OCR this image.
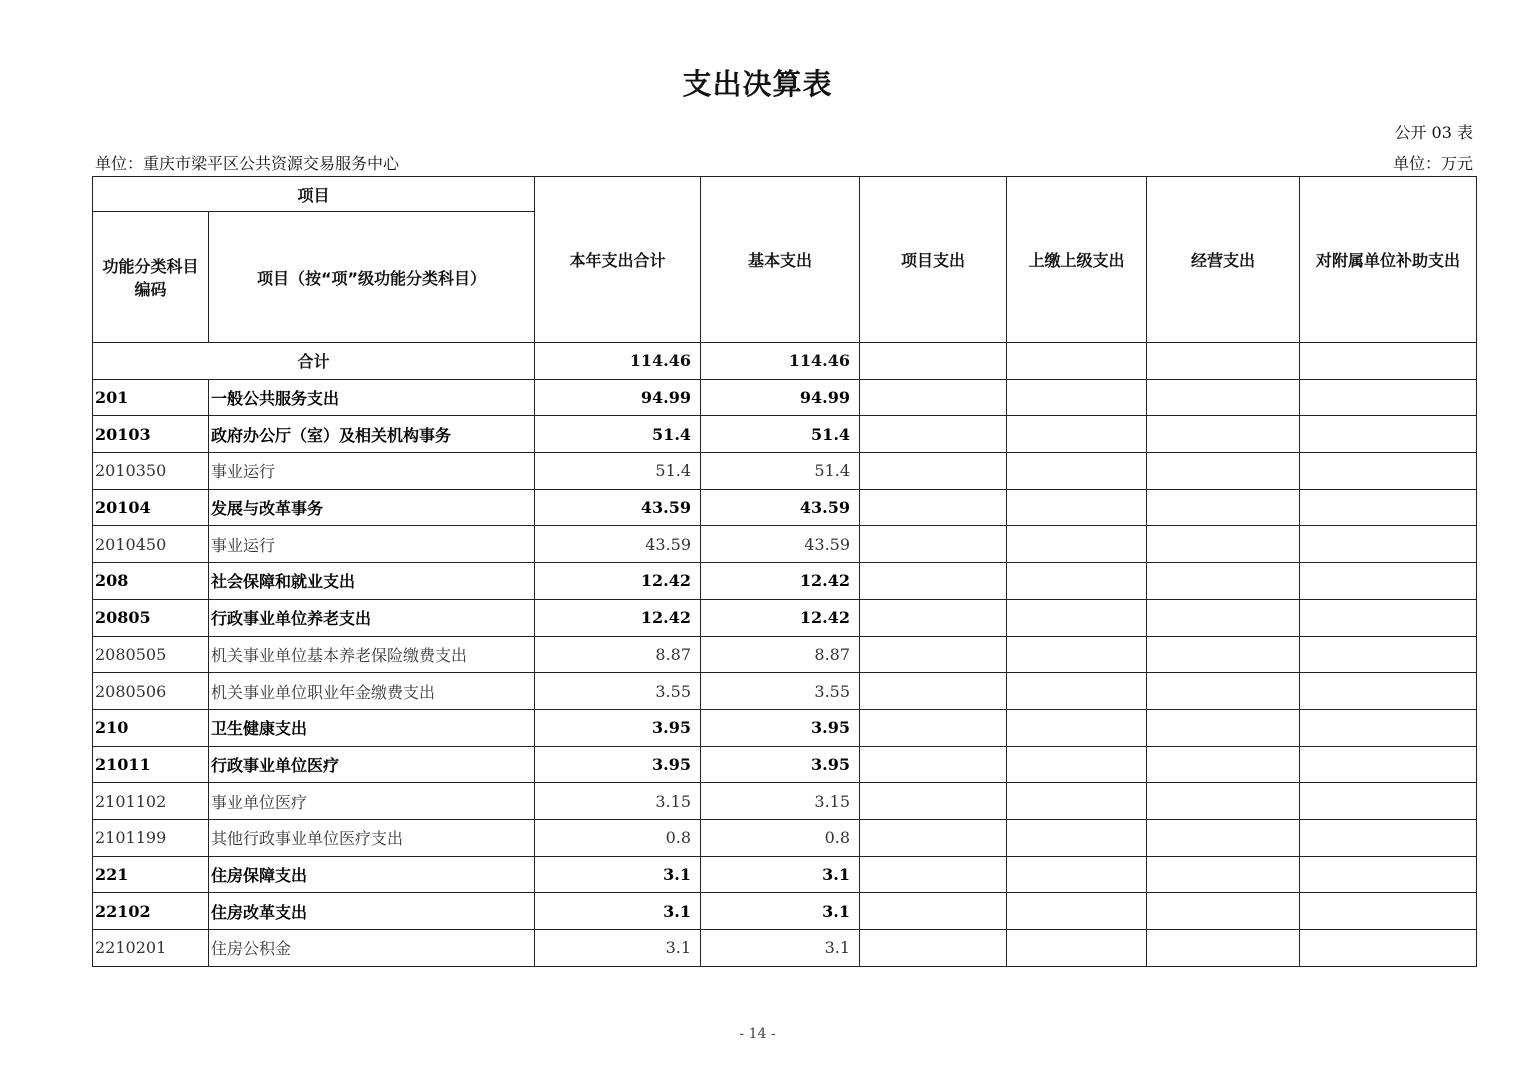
支出决算表
公开 03 表
单位：重庆市梁平区公共资源交易服务中心	单位：万元
项目		本年支出合计	基本支出	项目支出	上缴上级支出	经营支出	对附属单位补助支出
功能分类科目编码	项目（按“项”级功能分类科目）						
合计		114.46	114.46				
201	一般公共服务支出	94.99	94.99				
20103	政府办公厅（室）及相关机构事务	51.4	51.4				
2010350	事业运行	51.4	51.4				
20104	发展与改革事务	43.59	43.59				
2010450	事业运行	43.59	43.59				
208	社会保障和就业支出	12.42	12.42				
20805	行政事业单位养老支出	12.42	12.42				
2080505	机关事业单位基本养老保险缴费支出	8.87	8.87				
2080506	机关事业单位职业年金缴费支出	3.55	3.55				
210	卫生健康支出	3.95	3.95				
21011	行政事业单位医疗	3.95	3.95				
2101102	事业单位医疗	3.15	3.15				
2101199	其他行政事业单位医疗支出	0.8	0.8				
221	住房保障支出	3.1	3.1				
22102	住房改革支出	3.1	3.1				
2210201	住房公积金	3.1	3.1				
- 14 -
